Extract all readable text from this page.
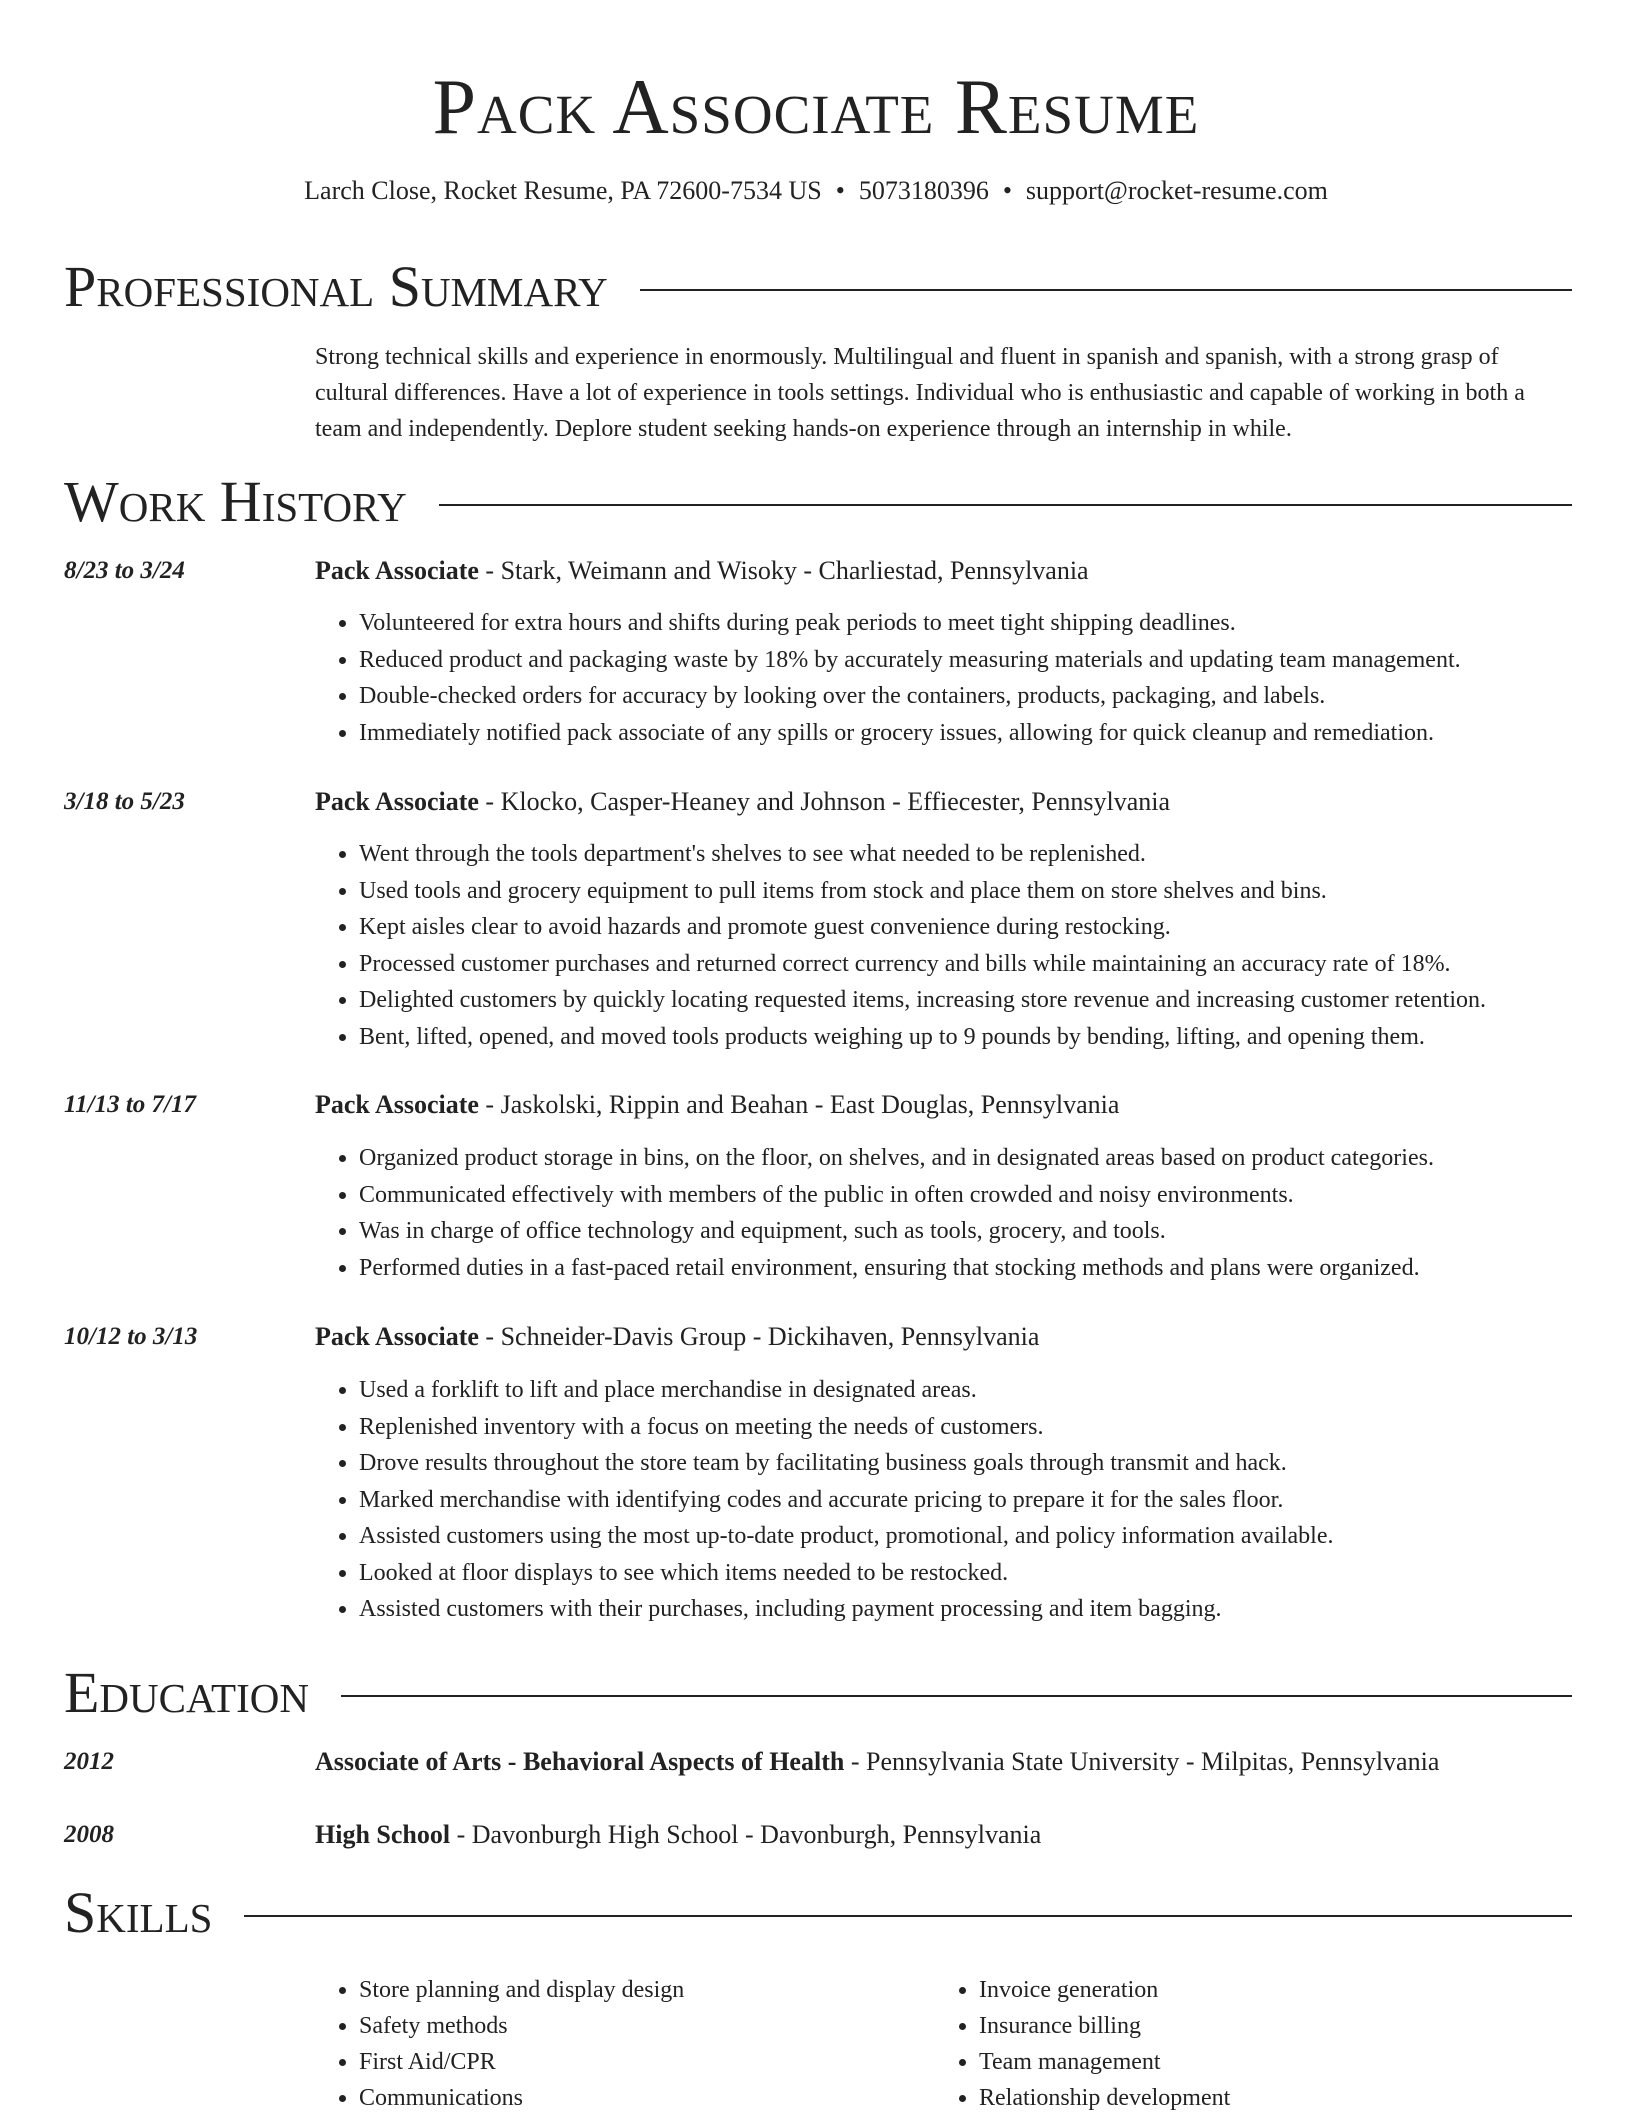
Pack Associate Resume
Larch Close, Rocket Resume, PA 72600-7534 US • 5073180396 • support@rocket-resume.com
Professional Summary
Strong technical skills and experience in enormously. Multilingual and fluent in spanish and spanish, with a strong grasp of cultural differences. Have a lot of experience in tools settings. Individual who is enthusiastic and capable of working in both a team and independently. Deplore student seeking hands-on experience through an internship in while.
Work History
8/23 to 3/24	Pack Associate - Stark, Weimann and Wisoky - Charliestad, Pennsylvania
• Volunteered for extra hours and shifts during peak periods to meet tight shipping deadlines.
• Reduced product and packaging waste by 18% by accurately measuring materials and updating team management.
• Double-checked orders for accuracy by looking over the containers, products, packaging, and labels.
• Immediately notified pack associate of any spills or grocery issues, allowing for quick cleanup and remediation.
3/18 to 5/23	Pack Associate - Klocko, Casper-Heaney and Johnson - Effiecester, Pennsylvania
• Went through the tools department's shelves to see what needed to be replenished.
• Used tools and grocery equipment to pull items from stock and place them on store shelves and bins.
• Kept aisles clear to avoid hazards and promote guest convenience during restocking.
• Processed customer purchases and returned correct currency and bills while maintaining an accuracy rate of 18%.
• Delighted customers by quickly locating requested items, increasing store revenue and increasing customer retention.
• Bent, lifted, opened, and moved tools products weighing up to 9 pounds by bending, lifting, and opening them.
11/13 to 7/17	Pack Associate - Jaskolski, Rippin and Beahan - East Douglas, Pennsylvania
• Organized product storage in bins, on the floor, on shelves, and in designated areas based on product categories.
• Communicated effectively with members of the public in often crowded and noisy environments.
• Was in charge of office technology and equipment, such as tools, grocery, and tools.
• Performed duties in a fast-paced retail environment, ensuring that stocking methods and plans were organized.
10/12 to 3/13	Pack Associate - Schneider-Davis Group - Dickihaven, Pennsylvania
• Used a forklift to lift and place merchandise in designated areas.
• Replenished inventory with a focus on meeting the needs of customers.
• Drove results throughout the store team by facilitating business goals through transmit and hack.
• Marked merchandise with identifying codes and accurate pricing to prepare it for the sales floor.
• Assisted customers using the most up-to-date product, promotional, and policy information available.
• Looked at floor displays to see which items needed to be restocked.
• Assisted customers with their purchases, including payment processing and item bagging.
Education
2012	Associate of Arts - Behavioral Aspects of Health - Pennsylvania State University - Milpitas, Pennsylvania
2008	High School - Davonburgh High School - Davonburgh, Pennsylvania
Skills
• Store planning and display design
• Safety methods
• First Aid/CPR
• Communications
• Invoice generation
• Insurance billing
• Team management
• Relationship development
